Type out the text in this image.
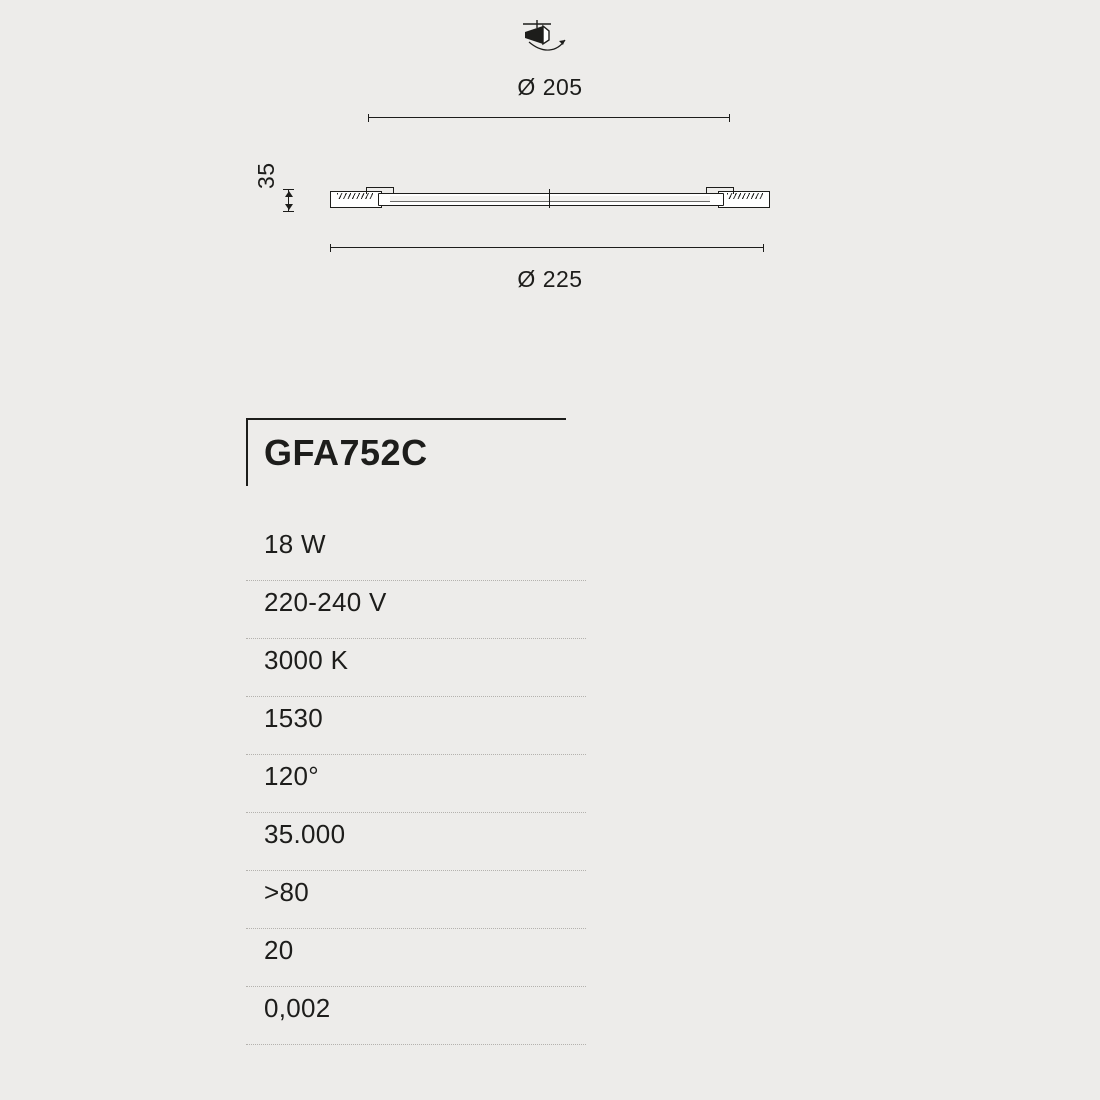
Ø 205
35
Ø 225
GFA752C
18 W
220-240 V
3000 K
1530
120°
35.000
>80
20
0,002
